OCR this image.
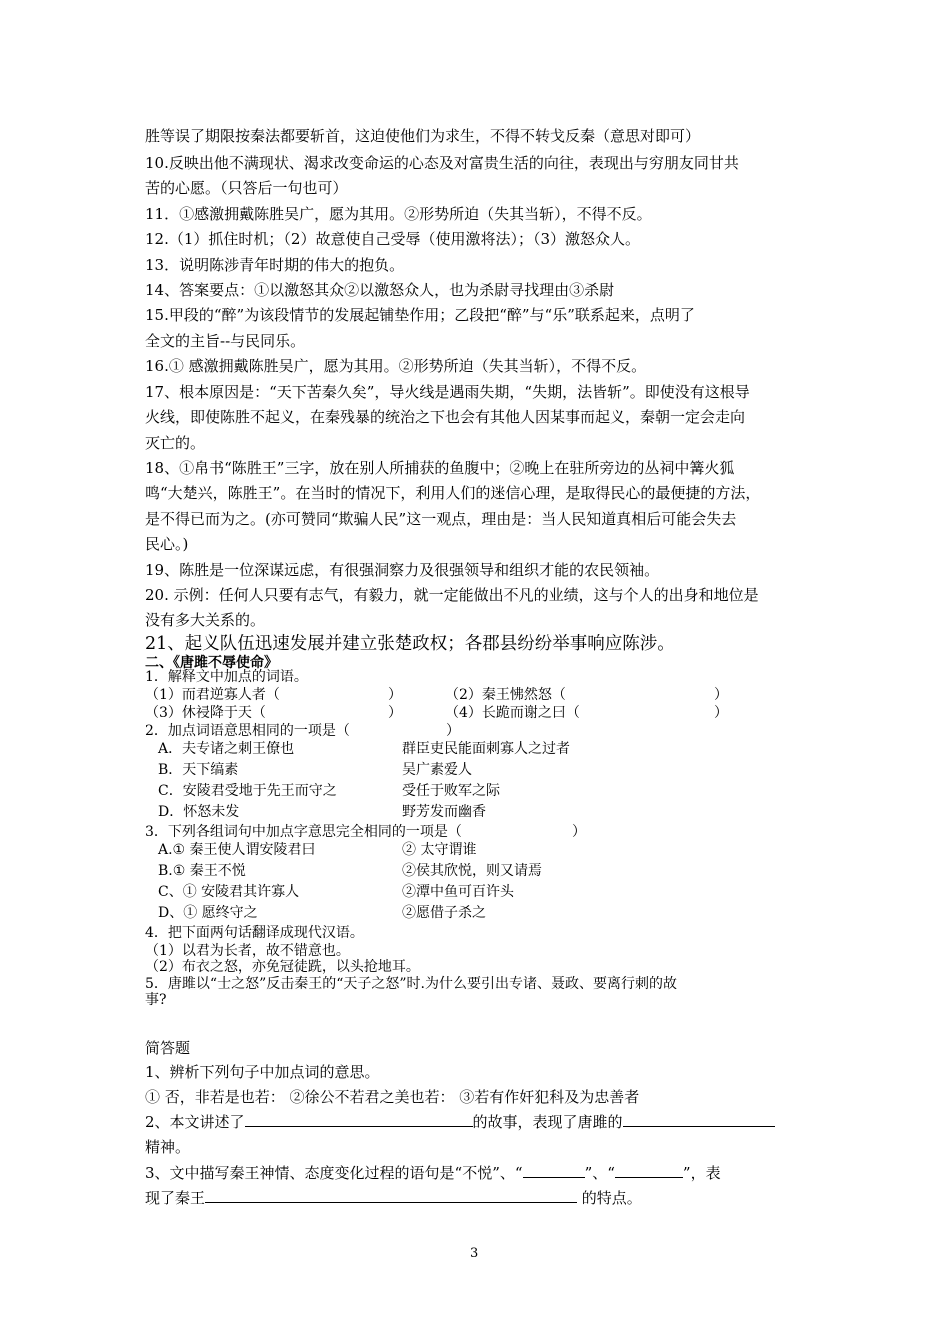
胜等误了期限按秦法都要斩首，这迫使他们为求生，不得不转戈反秦（意思对即可）
10.反映出他不满现状、渴求改变命运的心态及对富贵生活的向往，表现出与穷朋友同甘共
苦的心愿。（只答后一句也可）
11．①感激拥戴陈胜吴广，愿为其用。②形势所迫（失其当斩），不得不反。
12.（1）抓住时机；（2）故意使自己受辱（使用激将法）；（3）激怒众人。
13．说明陈涉青年时期的伟大的抱负。
14、答案要点：①以激怒其众②以激怒众人，也为杀尉寻找理由③杀尉
15.甲段的“醉”为该段情节的发展起铺垫作用；乙段把“醉”与“乐”联系起来，点明了
全文的主旨--与民同乐。
16.① 感激拥戴陈胜吴广，愿为其用。②形势所迫（失其当斩），不得不反。
17、根本原因是：“天下苦秦久矣”，导火线是遇雨失期，“失期，法皆斩”。即使没有这根导
火线，即使陈胜不起义，在秦残暴的统治之下也会有其他人因某事而起义，秦朝一定会走向
灭亡的。
18、①帛书“陈胜王”三字，放在别人所捕获的鱼腹中；②晚上在驻所旁边的丛祠中篝火狐
鸣“大楚兴，陈胜王”。在当时的情况下，利用人们的迷信心理，是取得民心的最便捷的方法，
是不得已而为之。(亦可赞同“欺骗人民”这一观点，理由是：当人民知道真相后可能会失去
民心。)
19、陈胜是一位深谋远虑，有很强洞察力及很强领导和组织才能的农民领袖。
20. 示例：任何人只要有志气，有毅力，就一定能做出不凡的业绩，这与个人的出身和地位是
没有多大关系的。
21、起义队伍迅速发展并建立张楚政权；各郡县纷纷举事响应陈涉。
二、《唐雎不辱使命》
1．解释文中加点的词语。
（1）而君逆寡人者（	）	（2）秦王怫然怒（	）
（3）休祲降于天（	）	（4）长跪而谢之曰（	）
2．加点词语意思相同的一项是（	）
A．夫专诸之刺王僚也	群臣吏民能面刺寡人之过者
B．天下缟素	吴广素爱人
C．安陵君受地于先王而守之	受任于败军之际
D．怀怒未发	野芳发而幽香
3．下列各组词句中加点字意思完全相同的一项是（	）
A.① 秦王使人谓安陵君曰	② 太守谓谁
B.① 秦王不悦	②侯其欣悦，则又请焉
C、① 安陵君其许寡人	②潭中鱼可百许头
D、① 愿终守之	②愿借子杀之
4．把下面两句话翻译成现代汉语。
（1）以君为长者，故不错意也。
（2）布衣之怒，亦免冠徒跣，以头抢地耳。
5．唐雎以“士之怒”反击秦王的“天子之怒”时.为什么要引出专诸、聂政、要离行刺的故
事?
简答题
1、辨析下列句子中加点词的意思。
① 否，非若是也若： ②徐公不若君之美也若： ③若有作奸犯科及为忠善者
2、本文讲述了	的故事，表现了唐雎的
精神。
3、文中描写秦王神情、态度变化过程的语句是“不悦”、“	”、“	”，表
现了秦王	的特点。
3
